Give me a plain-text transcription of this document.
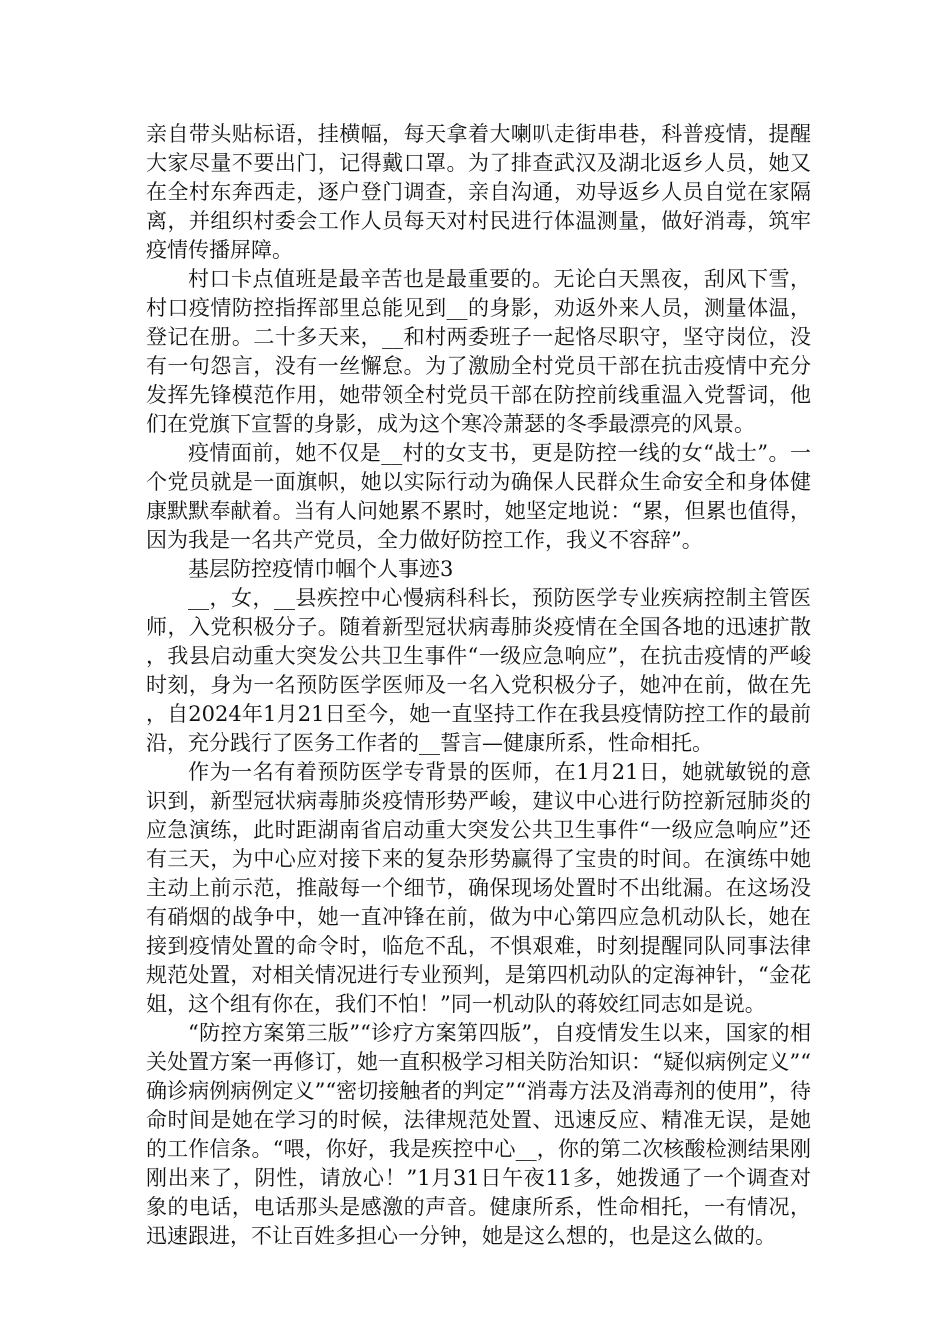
亲自带头贴标语，挂横幅，每天拿着大喇叭走街串巷，科普疫情，提醒大家尽量不要出门，记得戴口罩。为了排查武汉及湖北返乡人员，她又在全村东奔西走，逐户登门调查，亲自沟通，劝导返乡人员自觉在家隔离，并组织村委会工作人员每天对村民进行体温测量，做好消毒，筑牢疫情传播屏障。

村口卡点值班是最辛苦也是最重要的。无论白天黑夜，刮风下雪，村口疫情防控指挥部里总能见到__的身影，劝返外来人员，测量体温，登记在册。二十多天来，__和村两委班子一起恪尽职守，坚守岗位，没有一句怨言，没有一丝懈怠。为了激励全村党员干部在抗击疫情中充分发挥先锋模范作用，她带领全村党员干部在防控前线重温入党誓词，他们在党旗下宣誓的身影，成为这个寒冷萧瑟的冬季最漂亮的风景。

疫情面前，她不仅是__村的女支书，更是防控一线的女“战士”。一个党员就是一面旗帜，她以实际行动为确保人民群众生命安全和身体健康默默奉献着。当有人问她累不累时，她坚定地说：“累，但累也值得，因为我是一名共产党员，全力做好防控工作，我义不容辞”。

基层防控疫情巾帼个人事迹3

__，女，__县疾控中心慢病科科长，预防医学专业疾病控制主管医师，入党积极分子。随着新型冠状病毒肺炎疫情在全国各地的迅速扩散，我县启动重大突发公共卫生事件“一级应急响应”，在抗击疫情的严峻时刻，身为一名预防医学医师及一名入党积极分子，她冲在前，做在先，自2024年1月21日至今，她一直坚持工作在我县疫情防控工作的最前沿，充分践行了医务工作者的__誓言—健康所系，性命相托。

作为一名有着预防医学专背景的医师，在1月21日，她就敏锐的意识到，新型冠状病毒肺炎疫情形势严峻，建议中心进行防控新冠肺炎的应急演练，此时距湖南省启动重大突发公共卫生事件“一级应急响应”还有三天，为中心应对接下来的复杂形势赢得了宝贵的时间。在演练中她主动上前示范，推敲每一个细节，确保现场处置时不出纰漏。在这场没有硝烟的战争中，她一直冲锋在前，做为中心第四应急机动队长，她在接到疫情处置的命令时，临危不乱，不惧艰难，时刻提醒同队同事法律规范处置，对相关情况进行专业预判，是第四机动队的定海神针，“金花姐，这个组有你在，我们不怕！”同一机动队的蒋姣红同志如是说。

“防控方案第三版”“诊疗方案第四版”，自疫情发生以来，国家的相关处置方案一再修订，她一直积极学习相关防治知识：“疑似病例定义”“确诊病例病例定义”“密切接触者的判定”“消毒方法及消毒剂的使用”，待命时间是她在学习的时候，法律规范处置、迅速反应、精准无误，是她的工作信条。“喂，你好，我是疾控中心__，你的第二次核酸检测结果刚刚出来了，阴性，请放心！”1月31日午夜11多，她拨通了一个调查对象的电话，电话那头是感激的声音。健康所系，性命相托，一有情况，迅速跟进，不让百姓多担心一分钟，她是这么想的，也是这么做的。
